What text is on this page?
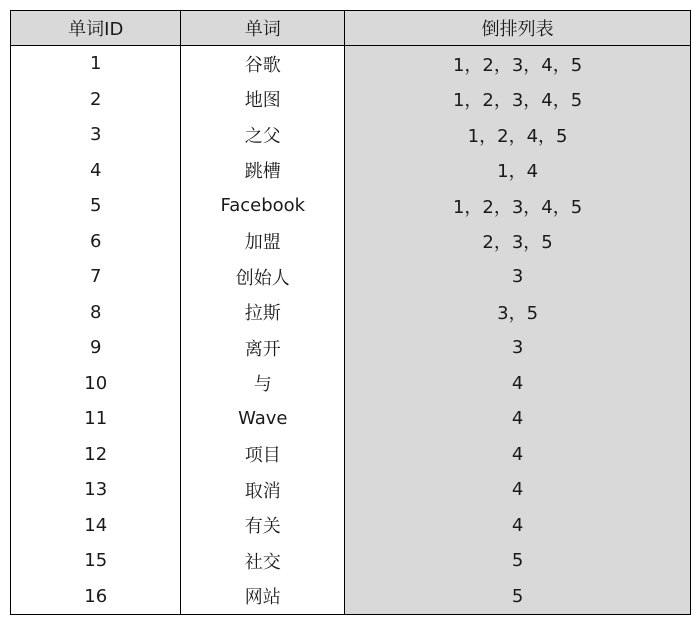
单词ID	单词	倒排列表
1	谷歌	1，2，3，4，5
2	地图	1，2，3，4，5
3	之父	1，2，4，5
4	跳槽	1，4
5	Facebook	1，2，3，4，5
6	加盟	2，3，5
7	创始人	3
8	拉斯	3，5
9	离开	3
10	与	4
11	Wave	4
12	项目	4
13	取消	4
14	有关	4
15	社交	5
16	网站	5
